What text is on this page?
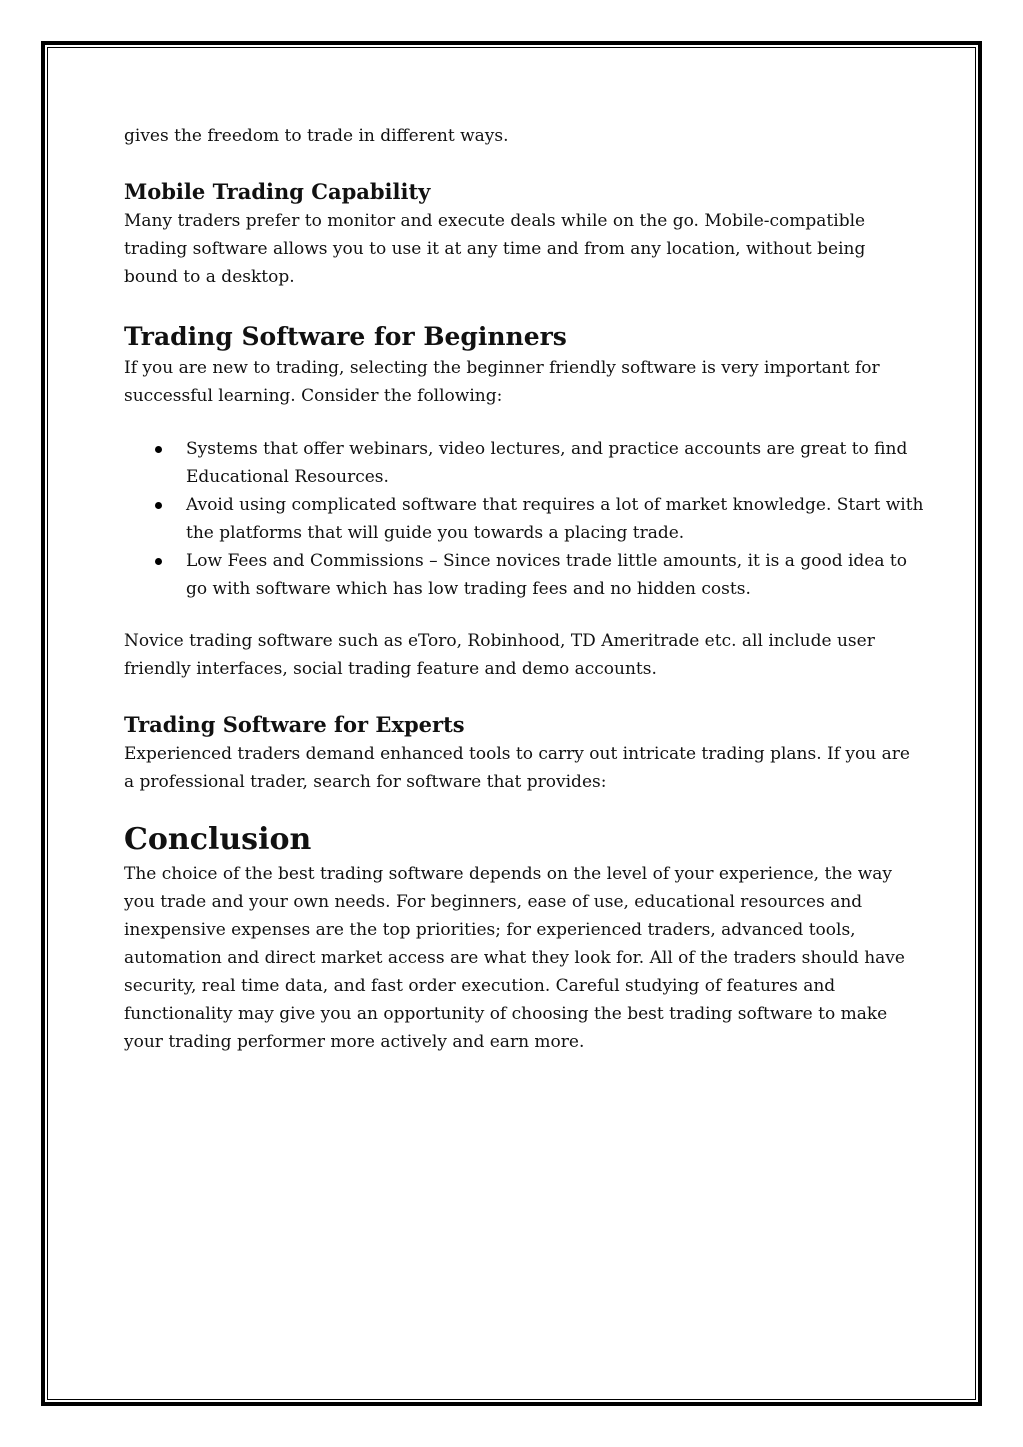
gives the freedom to trade in different ways.

Mobile Trading Capability

Many traders prefer to monitor and execute deals while on the go. Mobile-compatible trading software allows you to use it at any time and from any location, without being bound to a desktop.

Trading Software for Beginners

If you are new to trading, selecting the beginner friendly software is very important for successful learning. Consider the following:

Systems that offer webinars, video lectures, and practice accounts are great to find Educational Resources.
Avoid using complicated software that requires a lot of market knowledge. Start with the platforms that will guide you towards a placing trade.
Low Fees and Commissions – Since novices trade little amounts, it is a good idea to go with software which has low trading fees and no hidden costs.

Novice trading software such as eToro, Robinhood, TD Ameritrade etc. all include user friendly interfaces, social trading feature and demo accounts.

Trading Software for Experts

Experienced traders demand enhanced tools to carry out intricate trading plans. If you are a professional trader, search for software that provides:

Conclusion

The choice of the best trading software depends on the level of your experience, the way you trade and your own needs. For beginners, ease of use, educational resources and inexpensive expenses are the top priorities; for experienced traders, advanced tools, automation and direct market access are what they look for. All of the traders should have security, real time data, and fast order execution. Careful studying of features and functionality may give you an opportunity of choosing the best trading software to make your trading performer more actively and earn more.
